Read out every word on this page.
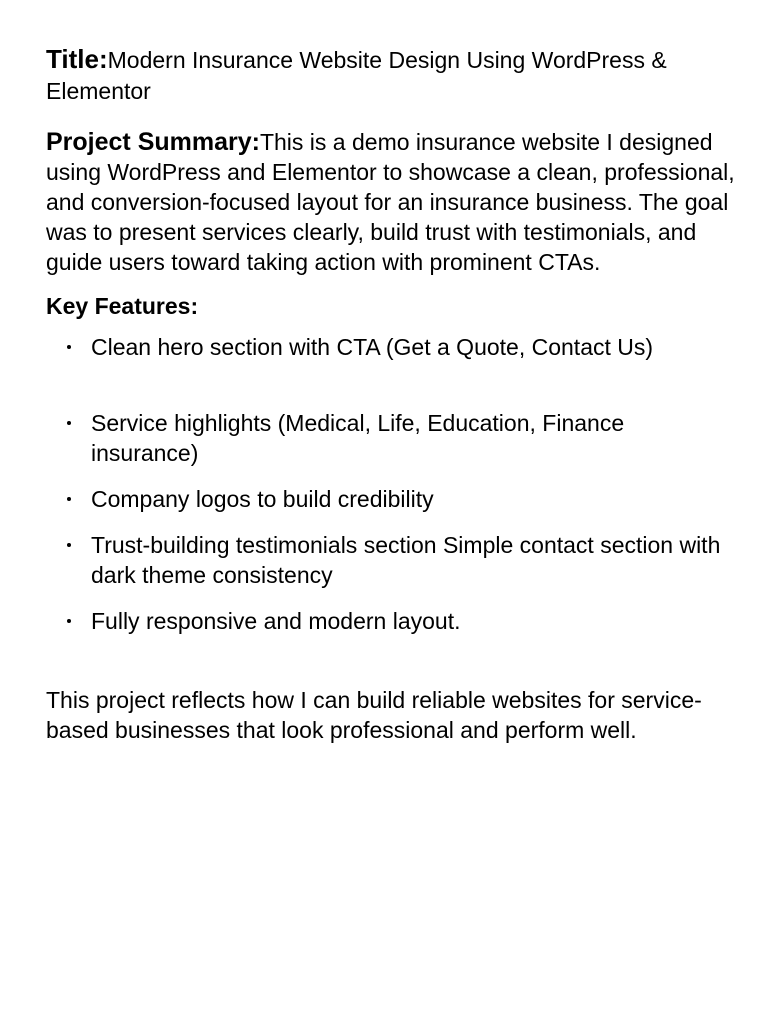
Title:Modern Insurance Website Design Using WordPress & Elementor

Project Summary:This is a demo insurance website I designed using WordPress and Elementor to showcase a clean, professional, and conversion-focused layout for an insurance business. The goal was to present services clearly, build trust with testimonials, and guide users toward taking action with prominent CTAs.

Key Features:

Clean hero section with CTA (Get a Quote, Contact Us)
Service highlights (Medical, Life, Education, Finance insurance)
Company logos to build credibility
Trust-building testimonials section Simple contact section with dark theme consistency
Fully responsive and modern layout.

This project reflects how I can build reliable websites for service-based businesses that look professional and perform well.
